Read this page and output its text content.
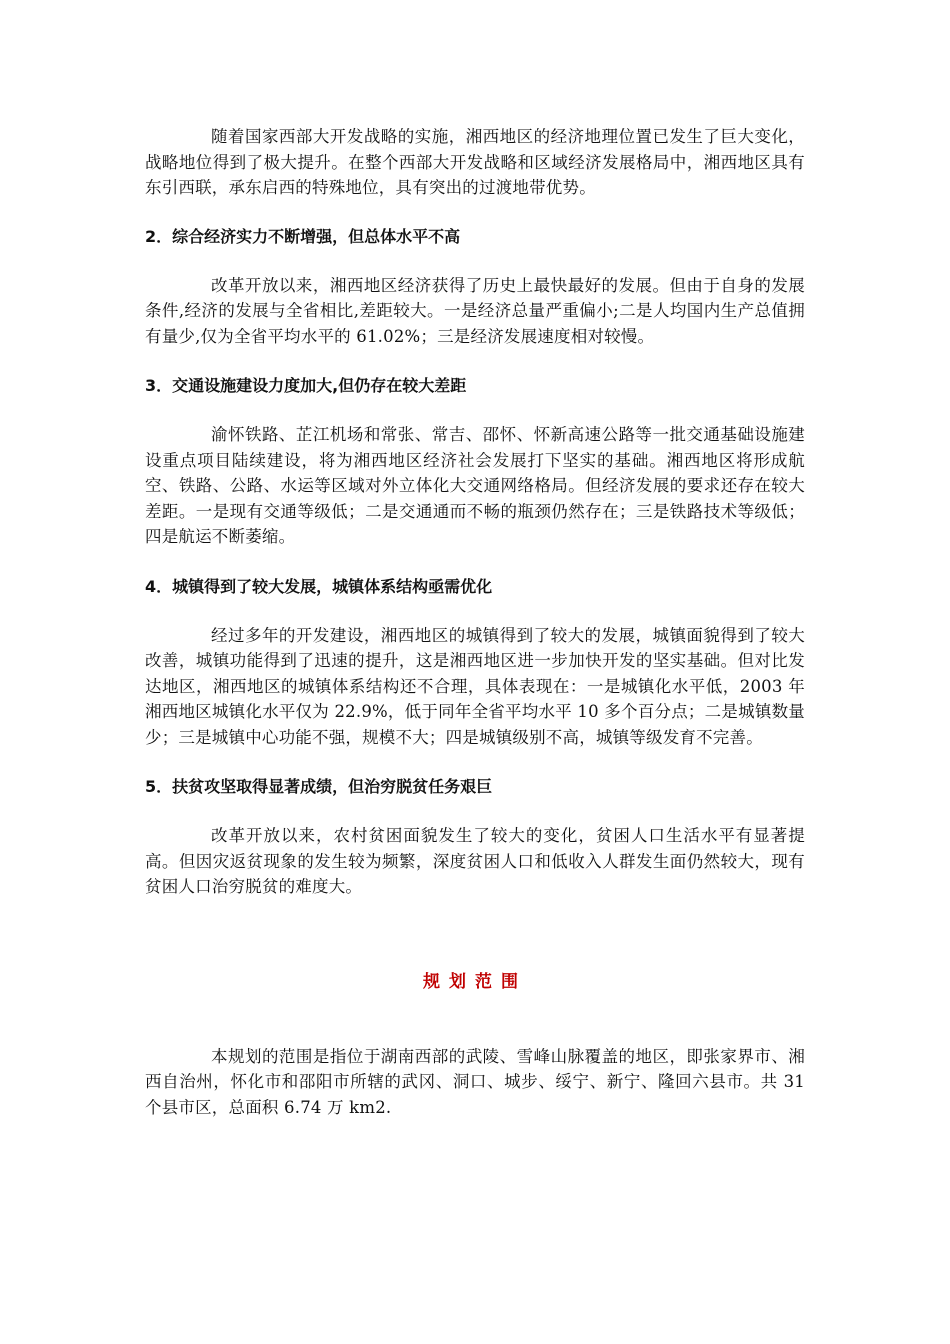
随着国家西部大开发战略的实施，湘西地区的经济地理位置已发生了巨大变化，战略地位得到了极大提升。在整个西部大开发战略和区域经济发展格局中，湘西地区具有东引西联，承东启西的特殊地位，具有突出的过渡地带优势。

2．综合经济实力不断增强，但总体水平不高

改革开放以来，湘西地区经济获得了历史上最快最好的发展。但由于自身的发展条件,经济的发展与全省相比,差距较大。一是经济总量严重偏小;二是人均国内生产总值拥有量少,仅为全省平均水平的 61.02%；三是经济发展速度相对较慢。

3．交通设施建设力度加大,但仍存在较大差距

渝怀铁路、芷江机场和常张、常吉、邵怀、怀新高速公路等一批交通基础设施建设重点项目陆续建设，将为湘西地区经济社会发展打下坚实的基础。湘西地区将形成航空、铁路、公路、水运等区域对外立体化大交通网络格局。但经济发展的要求还存在较大差距。一是现有交通等级低；二是交通通而不畅的瓶颈仍然存在；三是铁路技术等级低；四是航运不断萎缩。

4．城镇得到了较大发展，城镇体系结构亟需优化

经过多年的开发建设，湘西地区的城镇得到了较大的发展，城镇面貌得到了较大改善，城镇功能得到了迅速的提升，这是湘西地区进一步加快开发的坚实基础。但对比发达地区，湘西地区的城镇体系结构还不合理，具体表现在：一是城镇化水平低，2003 年湘西地区城镇化水平仅为 22.9%，低于同年全省平均水平 10 多个百分点；二是城镇数量少；三是城镇中心功能不强，规模不大；四是城镇级别不高，城镇等级发育不完善。

5．扶贫攻坚取得显著成绩，但治穷脱贫任务艰巨

改革开放以来，农村贫困面貌发生了较大的变化，贫困人口生活水平有显著提高。但因灾返贫现象的发生较为频繁，深度贫困人口和低收入人群发生面仍然较大，现有贫困人口治穷脱贫的难度大。

规划范围

本规划的范围是指位于湖南西部的武陵、雪峰山脉覆盖的地区，即张家界市、湘西自治州，怀化市和邵阳市所辖的武冈、洞口、城步、绥宁、新宁、隆回六县市。共 31 个县市区，总面积 6.74 万 km2.
